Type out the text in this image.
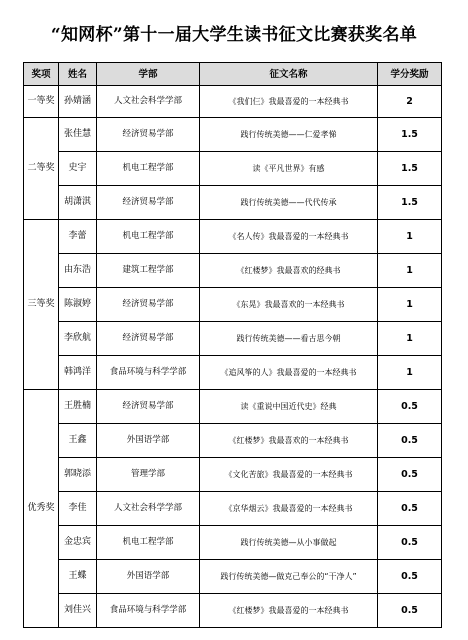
“知网杯”第十一届大学生读书征文比赛获奖名单
奖项	姓名	学部	征文名称	学分奖励
一等奖	孙婧涵	人文社会科学学部	《我们仨》我最喜爱的一本经典书	2
二等奖	张佳慧	经济贸易学部	践行传统美德——仁爱孝悌	1.5
	史宇	机电工程学部	读《平凡世界》有感	1.5
	胡潇淇	经济贸易学部	践行传统美德——代代传承	1.5
三等奖	李蕾	机电工程学部	《名人传》我最喜爱的一本经典书	1
	由东浩	建筑工程学部	《红楼梦》我最喜欢的经典书	1
	陈淑婷	经济贸易学部	《东晃》我最喜欢的一本经典书	1
	李欣航	经济贸易学部	践行传统美德——看古思今朝	1
	韩鸿洋	食品环境与科学学部	《追风筝的人》我最喜爱的一本经典书	1
优秀奖	王胜楠	经济贸易学部	读《重说中国近代史》经典	0.5
	王鑫	外国语学部	《红楼梦》我最喜欢的一本经典书	0.5
	郭晓添	管理学部	《文化苦旅》我最喜爱的一本经典书	0.5
	李佳	人文社会科学学部	《京华烟云》我最喜爱的一本经典书	0.5
	金忠宾	机电工程学部	践行传统美德—从小事做起	0.5
	王蝶	外国语学部	践行传统美德—做克己奉公的“干净人”	0.5
	刘佳兴	食品环境与科学学部	《红楼梦》我最喜爱的一本经典书	0.5
